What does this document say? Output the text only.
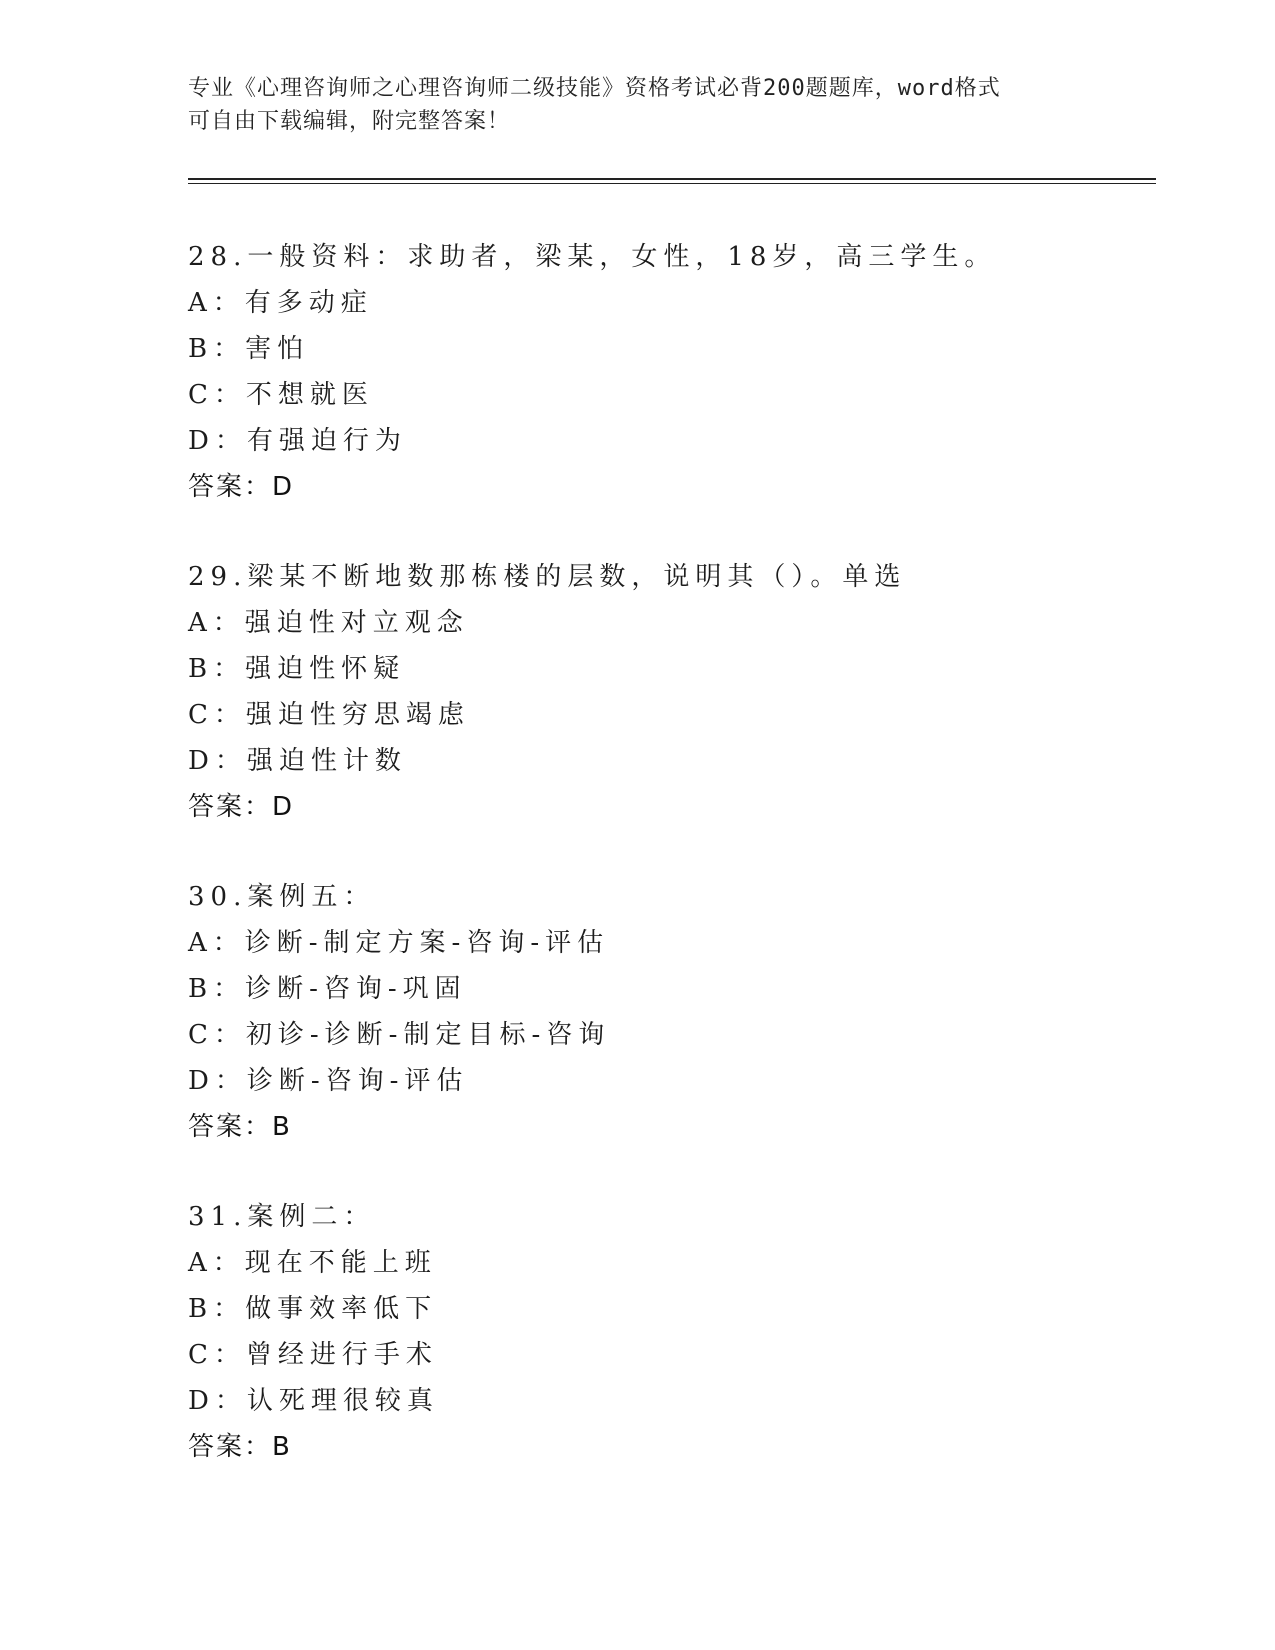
专业《心理咨询师之心理咨询师二级技能》资格考试必背200题题库，word格式
可自由下载编辑，附完整答案！
28.一般资料：求助者，梁某，女性，18岁，高三学生。
A：有多动症
B：害怕
C：不想就医
D：有强迫行为
答案：D
29.梁某不断地数那栋楼的层数，说明其（）。单选
A：强迫性对立观念
B：强迫性怀疑
C：强迫性穷思竭虑
D：强迫性计数
答案：D
30.案例五：
A：诊断-制定方案-咨询-评估
B：诊断-咨询-巩固
C：初诊-诊断-制定目标-咨询
D：诊断-咨询-评估
答案：B
31.案例二：
A：现在不能上班
B：做事效率低下
C：曾经进行手术
D：认死理很较真
答案：B
